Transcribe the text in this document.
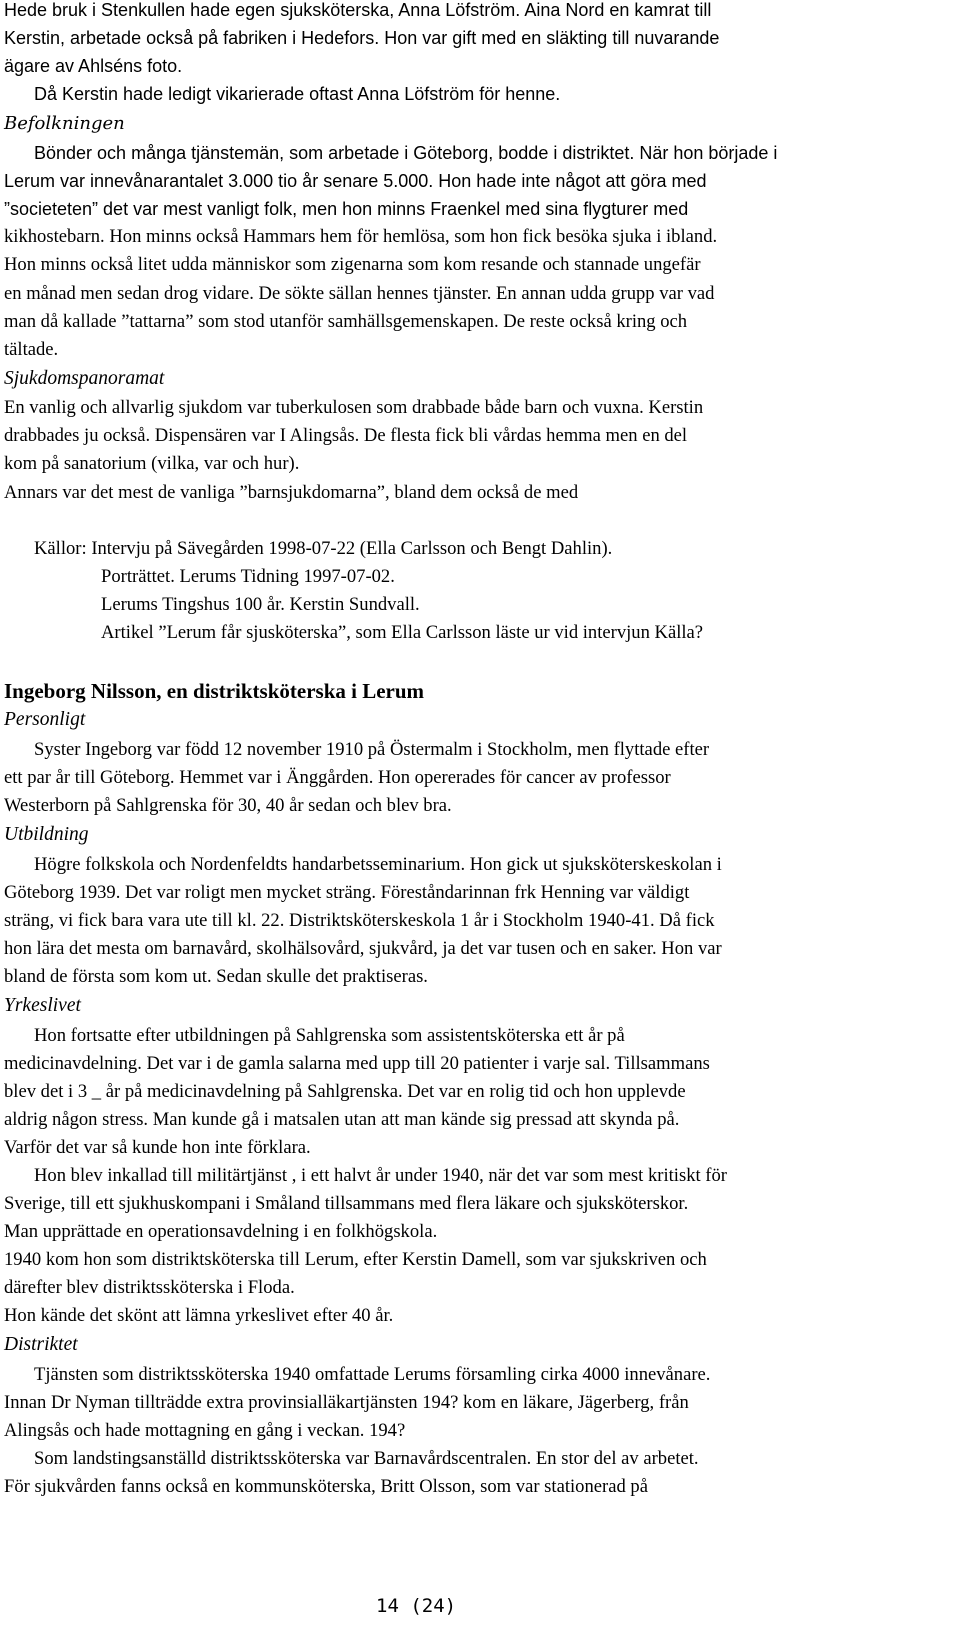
Hede bruk i Stenkullen hade egen sjuksköterska, Anna Löfström. Aina Nord en kamrat till
Kerstin, arbetade också på fabriken i Hedefors. Hon var gift med en släkting till nuvarande
ägare av Ahlséns foto.
Då Kerstin hade ledigt vikarierade oftast Anna Löfström för henne.
Befolkningen
Bönder och många tjänstemän, som arbetade i Göteborg, bodde i distriktet. När hon började i
Lerum var innevånarantalet 3.000 tio år senare 5.000. Hon hade inte något att göra med
”societeten” det var mest vanligt folk, men hon minns Fraenkel med sina flygturer med
kikhostebarn. Hon minns också Hammars hem för hemlösa, som hon fick besöka sjuka i ibland.
Hon minns också litet udda människor som zigenarna som kom resande och stannade ungefär
en månad men sedan drog vidare. De sökte sällan hennes tjänster. En annan udda grupp var vad
man då kallade ”tattarna” som stod utanför samhällsgemenskapen. De reste också kring och
tältade.
Sjukdomspanoramat
En vanlig och allvarlig sjukdom var tuberkulosen som drabbade både barn och vuxna. Kerstin
drabbades ju också. Dispensären var I Alingsås. De flesta fick bli vårdas hemma men en del
kom på sanatorium (vilka, var och hur).
Annars var det mest de vanliga ”barnsjukdomarna”, bland dem också de med
Källor: Intervju på Sävegården 1998-07-22 (Ella Carlsson och Bengt Dahlin).
Porträttet. Lerums Tidning 1997-07-02.
Lerums Tingshus 100 år. Kerstin Sundvall.
Artikel ”Lerum får sjusköterska”, som Ella Carlsson läste ur vid intervjun Källa?
Ingeborg Nilsson, en distriktsköterska i Lerum
Personligt
Syster Ingeborg var född 12 november 1910 på Östermalm i Stockholm, men flyttade efter
ett par år till Göteborg. Hemmet var i Änggården. Hon opererades för cancer av professor
Westerborn på Sahlgrenska för 30, 40 år sedan och blev bra.
Utbildning
Högre folkskola och Nordenfeldts handarbetsseminarium. Hon gick ut sjuksköterskeskolan i
Göteborg 1939. Det var roligt men mycket sträng. Föreståndarinnan frk Henning var väldigt
sträng, vi fick bara vara ute till kl. 22. Distriktsköterskeskola 1 år i Stockholm 1940-41. Då fick
hon lära det mesta om barnavård, skolhälsovård, sjukvård, ja det var tusen och en saker. Hon var
bland de första som kom ut. Sedan skulle det praktiseras.
Yrkeslivet
Hon fortsatte efter utbildningen på Sahlgrenska som assistentsköterska ett år på
medicinavdelning. Det var i de gamla salarna med upp till 20 patienter i varje sal. Tillsammans
blev det i 3 _ år på medicinavdelning på Sahlgrenska. Det var en rolig tid och hon upplevde
aldrig någon stress. Man kunde gå i matsalen utan att man kände sig pressad att skynda på.
Varför det var så kunde hon inte förklara.
Hon blev inkallad till militärtjänst , i ett halvt år under 1940, när det var som mest kritiskt för
Sverige, till ett sjukhuskompani i Småland tillsammans med flera läkare och sjuksköterskor.
Man upprättade en operationsavdelning i en folkhögskola.
1940 kom hon som distriktsköterska till Lerum, efter Kerstin Damell, som var sjukskriven och
därefter blev distriktssköterska i Floda.
Hon kände det skönt att lämna yrkeslivet efter 40 år.
Distriktet
Tjänsten som distriktssköterska 1940 omfattade Lerums församling cirka 4000 innevånare.
Innan Dr Nyman tillträdde extra provinsialläkartjänsten 194? kom en läkare, Jägerberg, från
Alingsås och hade mottagning en gång i veckan. 194?
Som landstingsanställd distriktssköterska var Barnavårdscentralen. En stor del av arbetet.
För sjukvården fanns också en kommunsköterska, Britt Olsson, som var stationerad på
14 (24)
